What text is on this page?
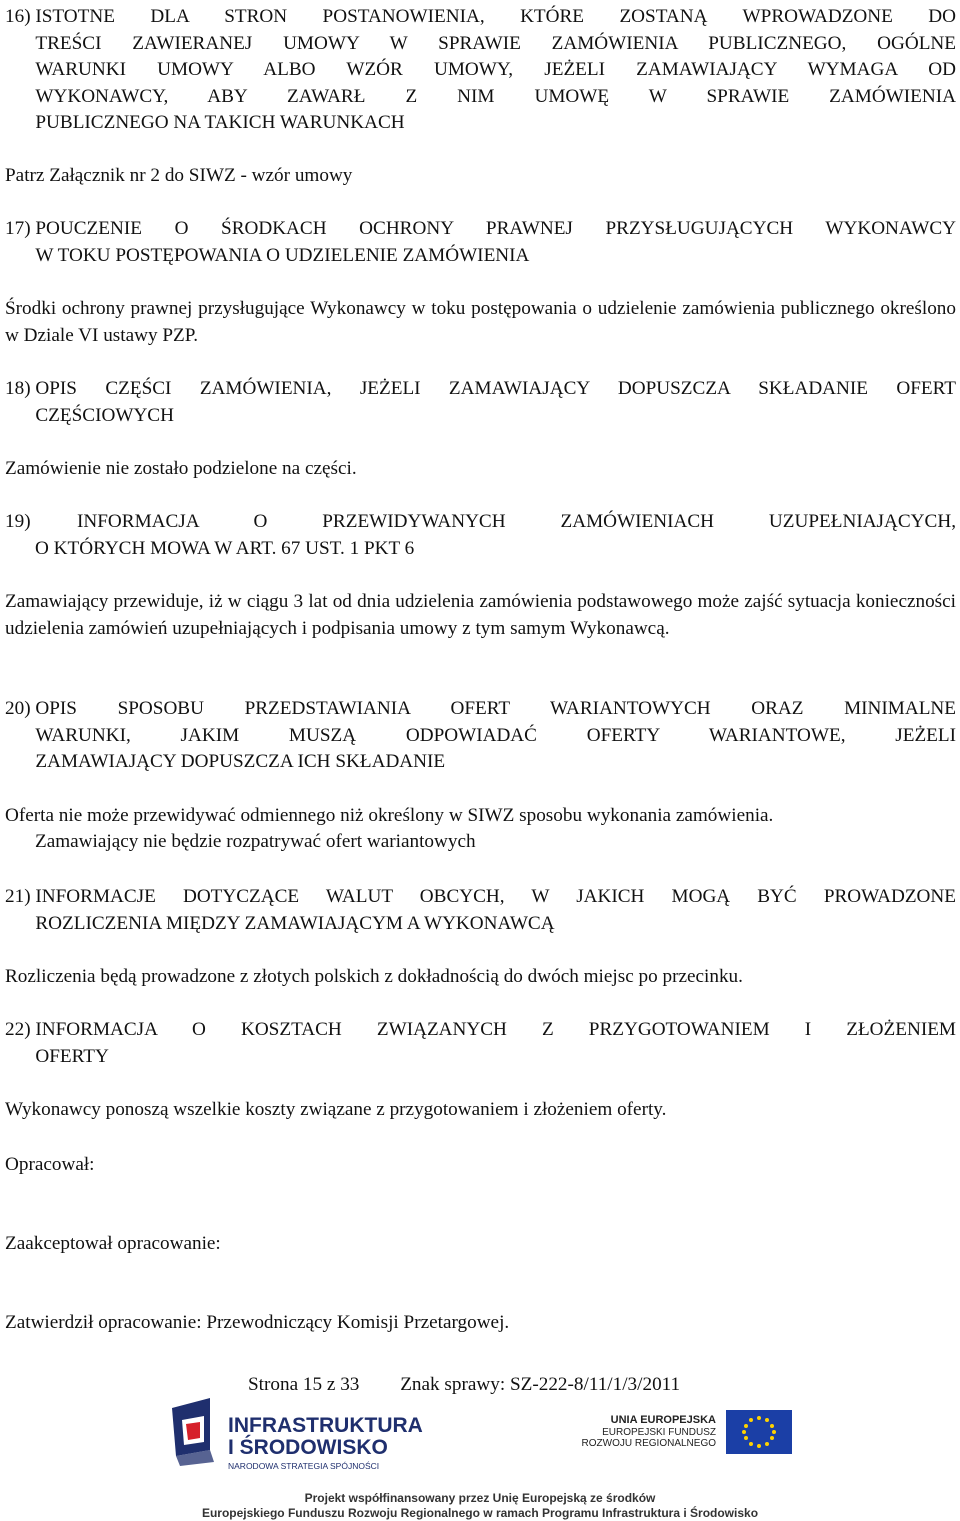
16) ISTOTNE DLA STRON POSTANOWIENIA, KTÓRE ZOSTANĄ WPROWADZONE DO
TREŚCI ZAWIERANEJ UMOWY W SPRAWIE ZAMÓWIENIA PUBLICZNEGO, OGÓLNE
WARUNKI UMOWY ALBO WZÓR UMOWY, JEŻELI ZAMAWIAJĄCY WYMAGA OD
WYKONAWCY, ABY ZAWARŁ Z NIM UMOWĘ W SPRAWIE ZAMÓWIENIA
PUBLICZNEGO NA TAKICH WARUNKACH
Patrz Załącznik nr 2 do SIWZ - wzór umowy
17) POUCZENIE O ŚRODKACH OCHRONY PRAWNEJ PRZYSŁUGUJĄCYCH WYKONAWCY
W TOKU POSTĘPOWANIA O UDZIELENIE ZAMÓWIENIA
Środki ochrony prawnej przysługujące Wykonawcy w toku postępowania o udzielenie zamówienia publicznego określono w Dziale VI ustawy PZP.
18) OPIS CZĘŚCI ZAMÓWIENIA, JEŻELI ZAMAWIAJĄCY DOPUSZCZA SKŁADANIE OFERT
CZĘŚCIOWYCH
Zamówienie nie zostało podzielone na części.
19)	INFORMACJA O PRZEWIDYWANYCH ZAMÓWIENIACH UZUPEŁNIAJĄCYCH,
O KTÓRYCH MOWA W ART. 67 UST. 1 PKT 6
Zamawiający przewiduje, iż w ciągu 3 lat od dnia udzielenia zamówienia podstawowego może zajść sytuacja konieczności udzielenia zamówień uzupełniających i podpisania umowy z tym samym Wykonawcą.
20) OPIS SPOSOBU PRZEDSTAWIANIA OFERT WARIANTOWYCH ORAZ MINIMALNE
WARUNKI, JAKIM MUSZĄ ODPOWIADAĆ OFERTY WARIANTOWE, JEŻELI
ZAMAWIAJĄCY DOPUSZCZA ICH SKŁADANIE
Oferta nie może przewidywać odmiennego niż określony w SIWZ sposobu wykonania zamówienia.
Zamawiający nie będzie rozpatrywać ofert wariantowych
21) INFORMACJE DOTYCZĄCE WALUT OBCYCH, W JAKICH MOGĄ BYĆ PROWADZONE
ROZLICZENIA MIĘDZY ZAMAWIAJĄCYM A WYKONAWCĄ
Rozliczenia będą prowadzone z złotych polskich z dokładnością do dwóch miejsc po przecinku.
22) INFORMACJA O KOSZTACH ZWIĄZANYCH Z PRZYGOTOWANIEM I ZŁOŻENIEM
OFERTY
Wykonawcy ponoszą wszelkie koszty związane z przygotowaniem i złożeniem oferty.
Opracował:
Zaakceptował opracowanie:
Zatwierdził opracowanie: Przewodniczący Komisji Przetargowej.
Strona 15 z 33 Znak sprawy: SZ-222-8/11/1/3/2011
INFRASTRUKTURA
I ŚRODOWISKO
NARODOWA STRATEGIA SPÓJNOŚCI
UNIA EUROPEJSKA
EUROPEJSKI FUNDUSZ
ROZWOJU REGIONALNEGO
Projekt współfinansowany przez Unię Europejską ze środków
Europejskiego Funduszu Rozwoju Regionalnego w ramach Programu Infrastruktura i Środowisko
